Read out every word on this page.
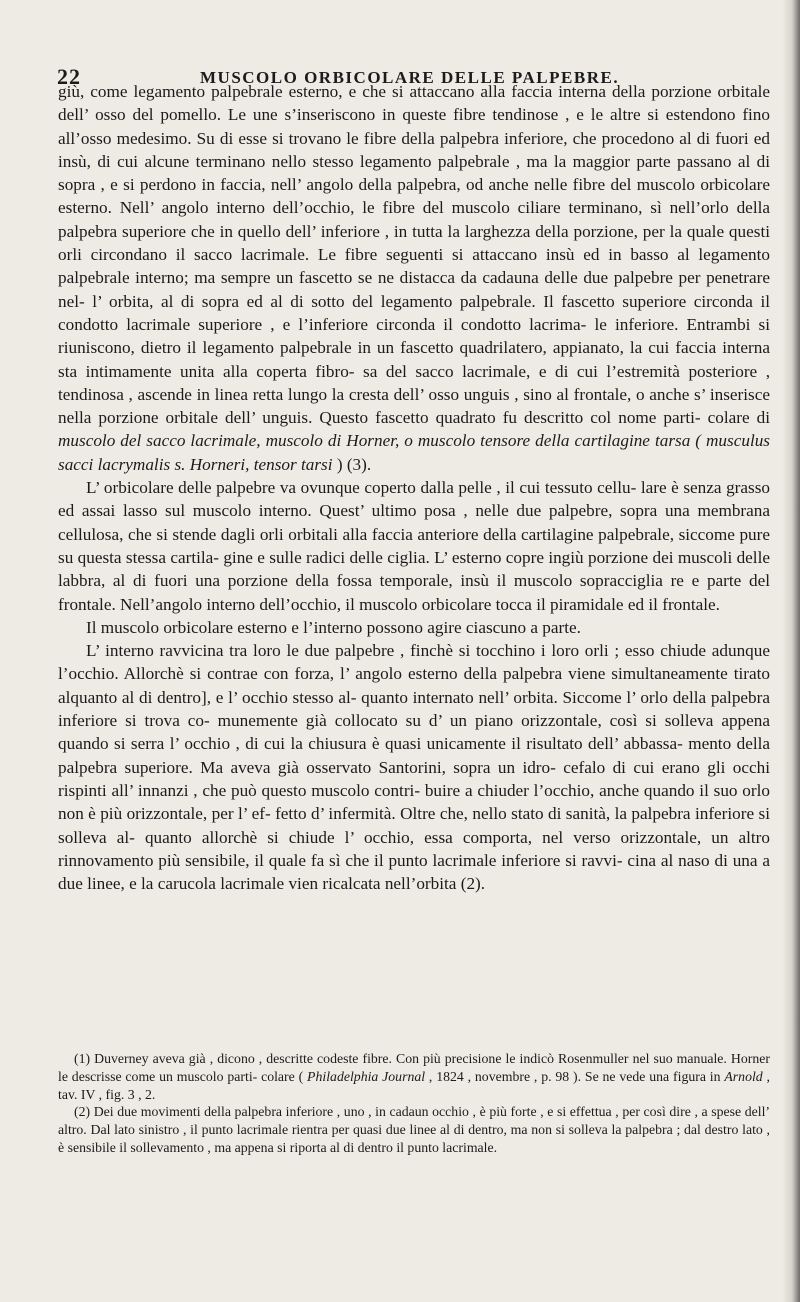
22	MUSCOLO ORBICOLARE DELLE PALPEBRE.

giù, come legamento palpebrale esterno, e che si attaccano alla faccia interna della porzione orbitale dell’ osso del pomello. Le une s’inseriscono in queste fibre tendinose , e le altre si estendono fino all’osso medesimo. Su di esse si trovano le fibre della palpebra inferiore, che procedono al di fuori ed insù, di cui alcune terminano nello stesso legamento palpebrale , ma la maggior parte passano al di sopra , e si perdono in faccia, nell’ angolo della palpebra, od anche nelle fibre del muscolo orbicolare esterno. Nell’ angolo interno dell’occhio, le fibre del muscolo ciliare terminano, sì nell’orlo della palpebra superiore che in quello dell’ inferiore , in tutta la larghezza della porzione, per la quale questi orli circondano il sacco lacrimale. Le fibre seguenti si attaccano insù ed in basso al legamento palpebrale interno; ma sempre un fascetto se ne distacca da cadauna delle due palpebre per penetrare nel- l’ orbita, al di sopra ed al di sotto del legamento palpebrale. Il fascetto superiore circonda il condotto lacrimale superiore , e l’inferiore circonda il condotto lacrima- le inferiore. Entrambi si riuniscono, dietro il legamento palpebrale in un fascetto quadrilatero, appianato, la cui faccia interna sta intimamente unita alla coperta fibro- sa del sacco lacrimale, e di cui l’estremità posteriore , tendinosa , ascende in linea retta lungo la cresta dell’ osso unguis , sino al frontale, o anche s’ inserisce nella porzione orbitale dell’ unguis. Questo fascetto quadrato fu descritto col nome parti- colare di muscolo del sacco lacrimale, muscolo di Horner, o muscolo tensore della cartilagine tarsa ( musculus sacci lacrymalis s. Horneri, tensor tarsi ) (3).

L’ orbicolare delle palpebre va ovunque coperto dalla pelle , il cui tessuto cellu- lare è senza grasso ed assai lasso sul muscolo interno. Quest’ ultimo posa , nelle due palpebre, sopra una membrana cellulosa, che si stende dagli orli orbitali alla faccia anteriore della cartilagine palpebrale, siccome pure su questa stessa cartila- gine e sulle radici delle ciglia. L’ esterno copre ingiù porzione dei muscoli delle labbra, al di fuori una porzione della fossa temporale, insù il muscolo sopracciglia re e parte del frontale. Nell’angolo interno dell’occhio, il muscolo orbicolare tocca il piramidale ed il frontale.

Il muscolo orbicolare esterno e l’interno possono agire ciascuno a parte.

L’ interno ravvicina tra loro le due palpebre , finchè si tocchino i loro orli ; esso chiude adunque l’occhio. Allorchè si contrae con forza, l’ angolo esterno della palpebra viene simultaneamente tirato alquanto al di dentro], e l’ occhio stesso al- quanto internato nell’ orbita. Siccome l’ orlo della palpebra inferiore si trova co- munemente già collocato su d’ un piano orizzontale, così si solleva appena quando si serra l’ occhio , di cui la chiusura è quasi unicamente il risultato dell’ abbassa- mento della palpebra superiore. Ma aveva già osservato Santorini, sopra un idro- cefalo di cui erano gli occhi rispinti all’ innanzi , che può questo muscolo contri- buire a chiuder l’occhio, anche quando il suo orlo non è più orizzontale, per l’ ef- fetto d’ infermità. Oltre che, nello stato di sanità, la palpebra inferiore si solleva al- quanto allorchè si chiude l’ occhio, essa comporta, nel verso orizzontale, un altro rinnovamento più sensibile, il quale fa sì che il punto lacrimale inferiore si ravvi- cina al naso di una a due linee, e la carucola lacrimale vien ricalcata nell’orbita (2).

(1) Duverney aveva già , dicono , descritte codeste fibre. Con più precisione le indicò Rosenmuller nel suo manuale. Horner le descrisse come un muscolo parti- colare ( Philadelphia Journal , 1824 , novembre , p. 98 ). Se ne vede una figura in Arnold , tav. IV , fig. 3 , 2.

(2) Dei due movimenti della palpebra inferiore , uno , in cadaun occhio , è più forte , e si effettua , per così dire , a spese dell’ altro. Dal lato sinistro , il punto lacrimale rientra per quasi due linee al di dentro, ma non si solleva la palpebra ; dal destro lato , è sensibile il sollevamento , ma appena si riporta al di dentro il punto lacrimale.
